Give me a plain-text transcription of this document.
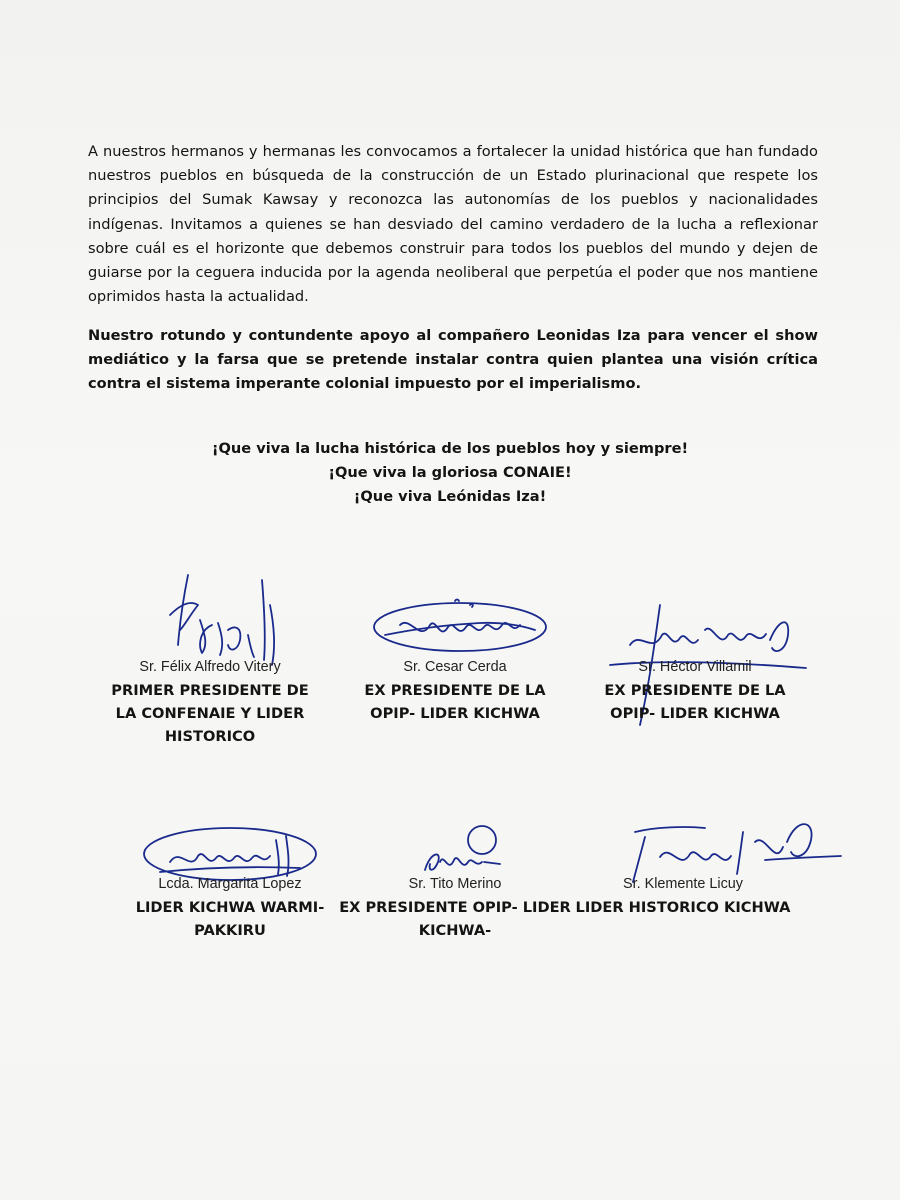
A nuestros hermanos y hermanas les convocamos a fortalecer la unidad histórica que han fundado nuestros pueblos en búsqueda de la construcción de un Estado plurinacional que respete los principios del Sumak Kawsay y reconozca las autonomías de los pueblos y nacionalidades indígenas. Invitamos a quienes se han desviado del camino verdadero de la lucha a reflexionar sobre cuál es el horizonte que debemos construir para todos los pueblos del mundo y dejen de guiarse por la ceguera inducida por la agenda neoliberal que perpetúa el poder que nos mantiene oprimidos hasta la actualidad.

Nuestro rotundo y contundente apoyo al compañero Leonidas Iza para vencer el show mediático y la farsa que se pretende instalar contra quien plantea una visión crítica contra el sistema imperante colonial impuesto por el imperialismo.

¡Que viva la lucha histórica de los pueblos hoy y siempre!
¡Que viva la gloriosa CONAIE!
¡Que viva Leónidas Iza!
Sr. Félix Alfredo Vitery
PRIMER PRESIDENTE DE LA CONFENAIE Y LIDER HISTORICO
Sr. Cesar Cerda
EX PRESIDENTE DE LA OPIP- LIDER KICHWA
Sr. Héctor Villamil
EX PRESIDENTE DE LA OPIP- LIDER KICHWA
Lcda. Margarita Lopez
LIDER KICHWA WARMI- PAKKIRU
Sr. Tito Merino
EX PRESIDENTE OPIP- LIDER KICHWA-
Sr. Klemente Licuy
LIDER HISTORICO KICHWA
